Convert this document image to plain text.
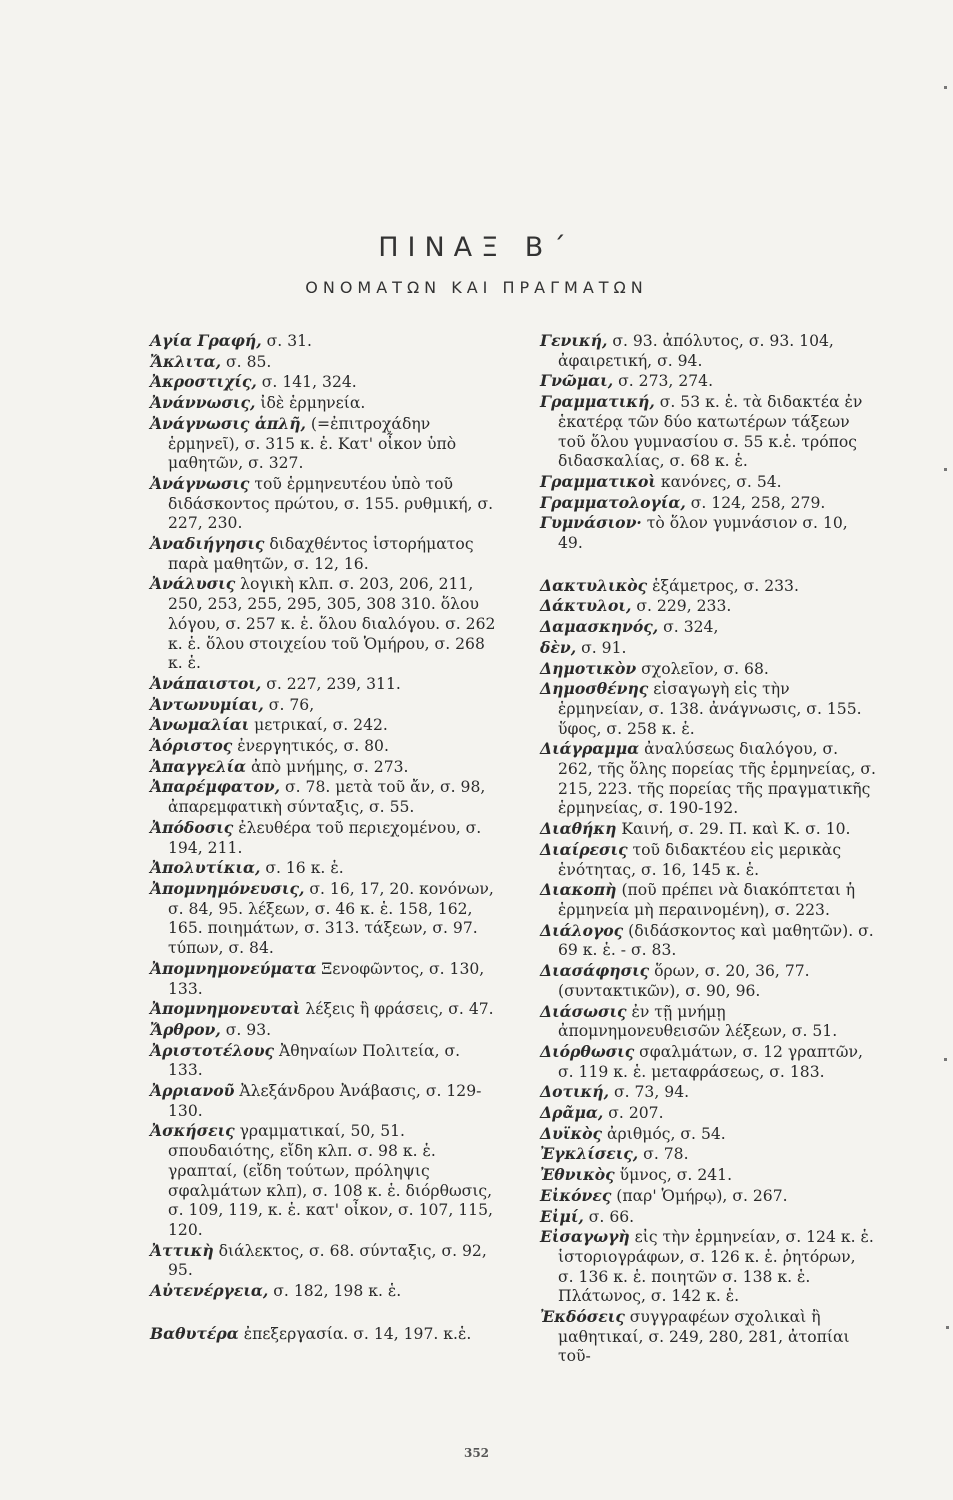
ΠΙΝΑΞ Β΄
ΟΝΟΜΑΤΩΝ ΚΑΙ ΠΡΑΓΜΑΤΩΝ

Αγία Γραφή, σ. 31.

Ἄκλιτα, σ. 85.

Ἀκροστιχίς, σ. 141, 324.

Ἀνάννωσις, ἰδὲ ἑρμηνεία.

Ἀνάγνωσις ἁπλῆ, (=ἐπιτροχάδην ἑρμηνεῖ), σ. 315 κ. ἑ. Κατ' οἶκον ὑπὸ μαθητῶν, σ. 327.

Ἀνάγνωσις τοῦ ἑρμηνευτέου ὑπὸ τοῦ διδάσκοντος πρώτου, σ. 155. ρυθμική, σ. 227, 230.

Ἀναδιήγησις διδαχθέντος ἱστορήματος παρὰ μαθητῶν, σ. 12, 16.

Ἀνάλυσις λογικὴ κλπ. σ. 203, 206, 211, 250, 253, 255, 295, 305, 308 310. ὅλου λόγου, σ. 257 κ. ἑ. ὅλου διαλόγου. σ. 262 κ. ἑ. ὅλου στοιχείου τοῦ Ὁμήρου, σ. 268 κ. ἑ.

Ἀνάπαιστοι, σ. 227, 239, 311.

Ἀντωνυμίαι, σ. 76,

Ἀνωμαλίαι μετρικαί, σ. 242.

Ἀόριστος ἐνεργητικός, σ. 80.

Ἀπαγγελία ἀπὸ μνήμης, σ. 273.

Ἀπαρέμφατον, σ. 78. μετὰ τοῦ ἄν, σ. 98, ἀπαρεμφατικὴ σύνταξις, σ. 55.

Ἀπόδοσις ἐλευθέρα τοῦ περιεχομένου, σ. 194, 211.

Ἀπολυτίκια, σ. 16 κ. ἑ.

Ἀπομνημόνευσις, σ. 16, 17, 20. κονόνων, σ. 84, 95. λέξεων, σ. 46 κ. ἑ. 158, 162, 165. ποιημάτων, σ. 313. τάξεων, σ. 97. τύπων, σ. 84.

Ἀπομνημονεύματα Ξενοφῶντος, σ. 130, 133.

Ἀπομνημονευταὶ λέξεις ἢ φράσεις, σ. 47.

Ἄρθρον, σ. 93.

Ἀριστοτέλους Ἀθηναίων Πολιτεία, σ. 133.

Ἀρριανοῦ Ἀλεξάνδρου Ἀνάβασις, σ. 129-130.

Ἀσκήσεις γραμματικαί, 50, 51. σπουδαιότης, εἴδη κλπ. σ. 98 κ. ἑ. γραπταί, (εἴδη τούτων, πρόληψις σφαλμάτων κλπ), σ. 108 κ. ἑ. διόρθωσις, σ. 109, 119, κ. ἑ. κατ' οἶκον, σ. 107, 115, 120.

Ἀττικὴ διάλεκτος, σ. 68. σύνταξις, σ. 92, 95.

Αὐτενέργεια, σ. 182, 198 κ. ἑ.

Βαθυτέρα ἐπεξεργασία. σ. 14, 197. κ.ἑ.

Γενική, σ. 93. ἀπόλυτος, σ. 93. 104, ἀφαιρετική, σ. 94.

Γνῶμαι, σ. 273, 274.

Γραμματική, σ. 53 κ. ἑ. τὰ διδακτέα ἐν ἑκατέρᾳ τῶν δύο κατωτέρων τάξεων τοῦ ὅλου γυμνασίου σ. 55 κ.ἑ. τρόπος διδασκαλίας, σ. 68 κ. ἑ.

Γραμματικοὶ κανόνες, σ. 54.

Γραμματολογία, σ. 124, 258, 279.

Γυμνάσιον· τὸ ὅλον γυμνάσιον σ. 10, 49.

Δακτυλικὸς ἑξάμετρος, σ. 233.

Δάκτυλοι, σ. 229, 233.

Δαμασκηνός, σ. 324,

δὲν, σ. 91.

Δημοτικὸν σχολεῖον, σ. 68.

Δημοσθένης εἰσαγωγὴ εἰς τὴν ἑρμηνείαν, σ. 138. ἀνάγνωσις, σ. 155. ὕφος, σ. 258 κ. ἑ.

Διάγραμμα ἀναλύσεως διαλόγου, σ. 262, τῆς ὅλης πορείας τῆς ἑρμηνείας, σ. 215, 223. τῆς πορείας τῆς πραγματικῆς ἑρμηνείας, σ. 190-192.

Διαθήκη Καινή, σ. 29. Π. καὶ Κ. σ. 10.

Διαίρεσις τοῦ διδακτέου εἰς μερικὰς ἑνότητας, σ. 16, 145 κ. ἑ.

Διακοπὴ (ποῦ πρέπει νὰ διακόπτεται ἡ ἑρμηνεία μὴ περαινομένη), σ. 223.

Διάλογος (διδάσκοντος καὶ μαθητῶν). σ. 69 κ. ἑ. - σ. 83.

Διασάφησις ὅρων, σ. 20, 36, 77. (συντακτικῶν), σ. 90, 96.

Διάσωσις ἐν τῇ μνήμῃ ἀπομνημονευθεισῶν λέξεων, σ. 51.

Διόρθωσις σφαλμάτων, σ. 12 γραπτῶν, σ. 119 κ. ἑ. μεταφράσεως, σ. 183.

Δοτική, σ. 73, 94.

Δρᾶμα, σ. 207.

Δυϊκὸς ἀριθμός, σ. 54.

Ἐγκλίσεις, σ. 78.

Ἐθνικὸς ὕμνος, σ. 241.

Εἰκόνες (παρ' Ὁμήρῳ), σ. 267.

Εἰμί, σ. 66.

Εἰσαγωγὴ εἰς τὴν ἑρμηνείαν, σ. 124 κ. ἑ. ἱστοριογράφων, σ. 126 κ. ἑ. ῥητόρων, σ. 136 κ. ἑ. ποιητῶν σ. 138 κ. ἑ. Πλάτωνος, σ. 142 κ. ἑ.

Ἐκδόσεις συγγραφέων σχολικαὶ ἢ μαθητικαί, σ. 249, 280, 281, ἀτοπίαι τοῦ-

352
